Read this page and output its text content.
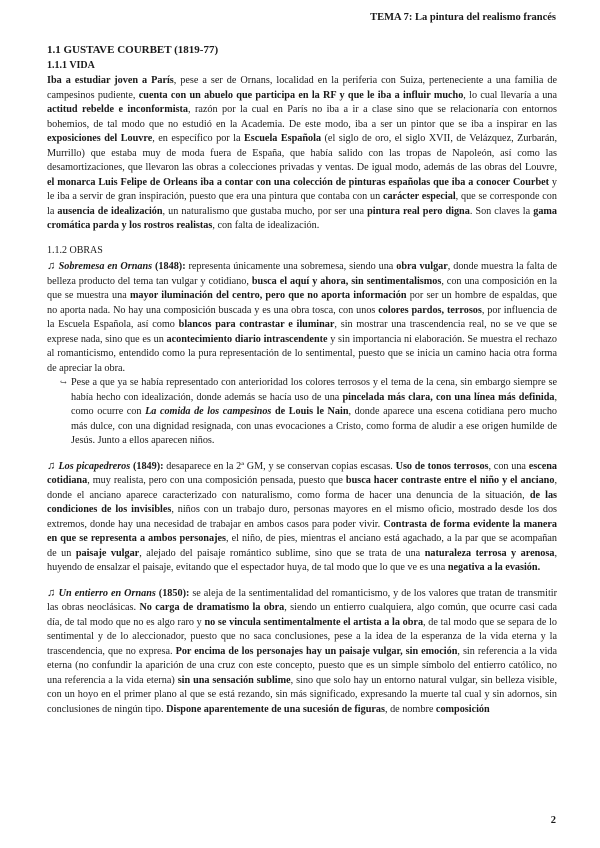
TEMA 7: La pintura del realismo francés
1.1 GUSTAVE COURBET (1819-77)
1.1.1 VIDA

Iba a estudiar joven a París, pese a ser de Ornans, localidad en la periferia con Suiza, perteneciente a una familia de campesinos pudiente, cuenta con un abuelo que participa en la RF y que le iba a influir mucho, lo cual llevaría a una actitud rebelde e inconformista, razón por la cual en París no iba a ir a clase sino que se relacionaría con entornos bohemios, de tal modo que no estudió en la Academia. De este modo, iba a ser un pintor que se iba a inspirar en las exposiciones del Louvre, en específico por la Escuela Española (el siglo de oro, el siglo XVII, de Velázquez, Zurbarán, Murrillo) que estaba muy de moda fuera de España, que había salido con las tropas de Napoleón, así como las desamortizaciones, que llevaron las obras a colecciones privadas y ventas. De igual modo, además de las obras del Louvre, el monarca Luis Felipe de Orleans iba a contar con una colección de pinturas españolas que iba a conocer Courbet y le iba a servir de gran inspiración, puesto que era una pintura que contaba con un carácter especial, que se corresponde con la ausencia de idealización, un naturalismo que gustaba mucho, por ser una pintura real pero digna. Son claves la gama cromática parda y los rostros realistas, con falta de idealización.

1.1.2 OBRAS

♫ Sobremesa en Ornans (1848): representa únicamente una sobremesa, siendo una obra vulgar, donde muestra la falta de belleza producto del tema tan vulgar y cotidiano, busca el aquí y ahora, sin sentimentalismos, con una composición en la que se muestra una mayor iluminación del centro, pero que no aporta información por ser un hombre de espaldas, que no aporta nada. No hay una composición buscada y es una obra tosca, con unos colores pardos, terrosos, por influencia de la Escuela Española, así como blancos para contrastar e iluminar, sin mostrar una trascendencia real, no se ve que se exprese nada, sino que es un acontecimiento diario intrascendente y sin importancia ni elaboración. Se muestra el rechazo al romanticismo, entendido como la pura representación de lo sentimental, puesto que se inicia un camino hacia otra forma de apreciar la obra.

↪ Pese a que ya se había representado con anterioridad los colores terrosos y el tema de la cena, sin embargo siempre se había hecho con idealización, donde además se hacía uso de una pincelada más clara, con una línea más definida, como ocurre con La comida de los campesinos de Louis le Nain, donde aparece una escena cotidiana pero mucho más dulce, con una dignidad resignada, con unas evocaciones a Cristo, como forma de aludir a ese origen humilde de Jesús. Junto a ellos aparecen niños.

♫ Los picapedreros (1849): desaparece en la 2ª GM, y se conservan copias escasas. Uso de tonos terrosos, con una escena cotidiana, muy realista, pero con una composición pensada, puesto que busca hacer contraste entre el niño y el anciano, donde el anciano aparece caracterizado con naturalismo, como forma de hacer una denuncia de la situación, de las condiciones de los invisibles, niños con un trabajo duro, personas mayores en el mismo oficio, mostrado desde los dos extremos, donde hay una necesidad de trabajar en ambos casos para poder vivir. Contrasta de forma evidente la manera en que se representa a ambos personajes, el niño, de pies, mientras el anciano está agachado, a la par que se acompañan de un paisaje vulgar, alejado del paisaje romántico sublime, sino que se trata de una naturaleza terrosa y arenosa, huyendo de ensalzar el paisaje, evitando que el espectador huya, de tal modo que lo que ve es una negativa a la evasión.

♫ Un entierro en Ornans (1850): se aleja de la sentimentalidad del romanticismo, y de los valores que tratan de transmitir las obras neoclásicas. No carga de dramatismo la obra, siendo un entierro cualquiera, algo común, que ocurre casi cada día, de tal modo que no es algo raro y no se vincula sentimentalmente el artista a la obra, de tal modo que se separa de lo sentimental y de lo aleccionador, puesto que no saca conclusiones, pese a la idea de la esperanza de la vida eterna y la trascendencia, que no expresa. Por encima de los personajes hay un paisaje vulgar, sin emoción, sin referencia a la vida eterna (no confundir la aparición de una cruz con este concepto, puesto que es un simple símbolo del entierro católico, no una referencia a la vida eterna) sin una sensación sublime, sino que solo hay un entorno natural vulgar, sin belleza visible, con un hoyo en el primer plano al que se está rezando, sin más significado, expresando la muerte tal cual y sin adornos, sin conclusiones de ningún tipo. Dispone aparentemente de una sucesión de figuras, de nombre composición

2
